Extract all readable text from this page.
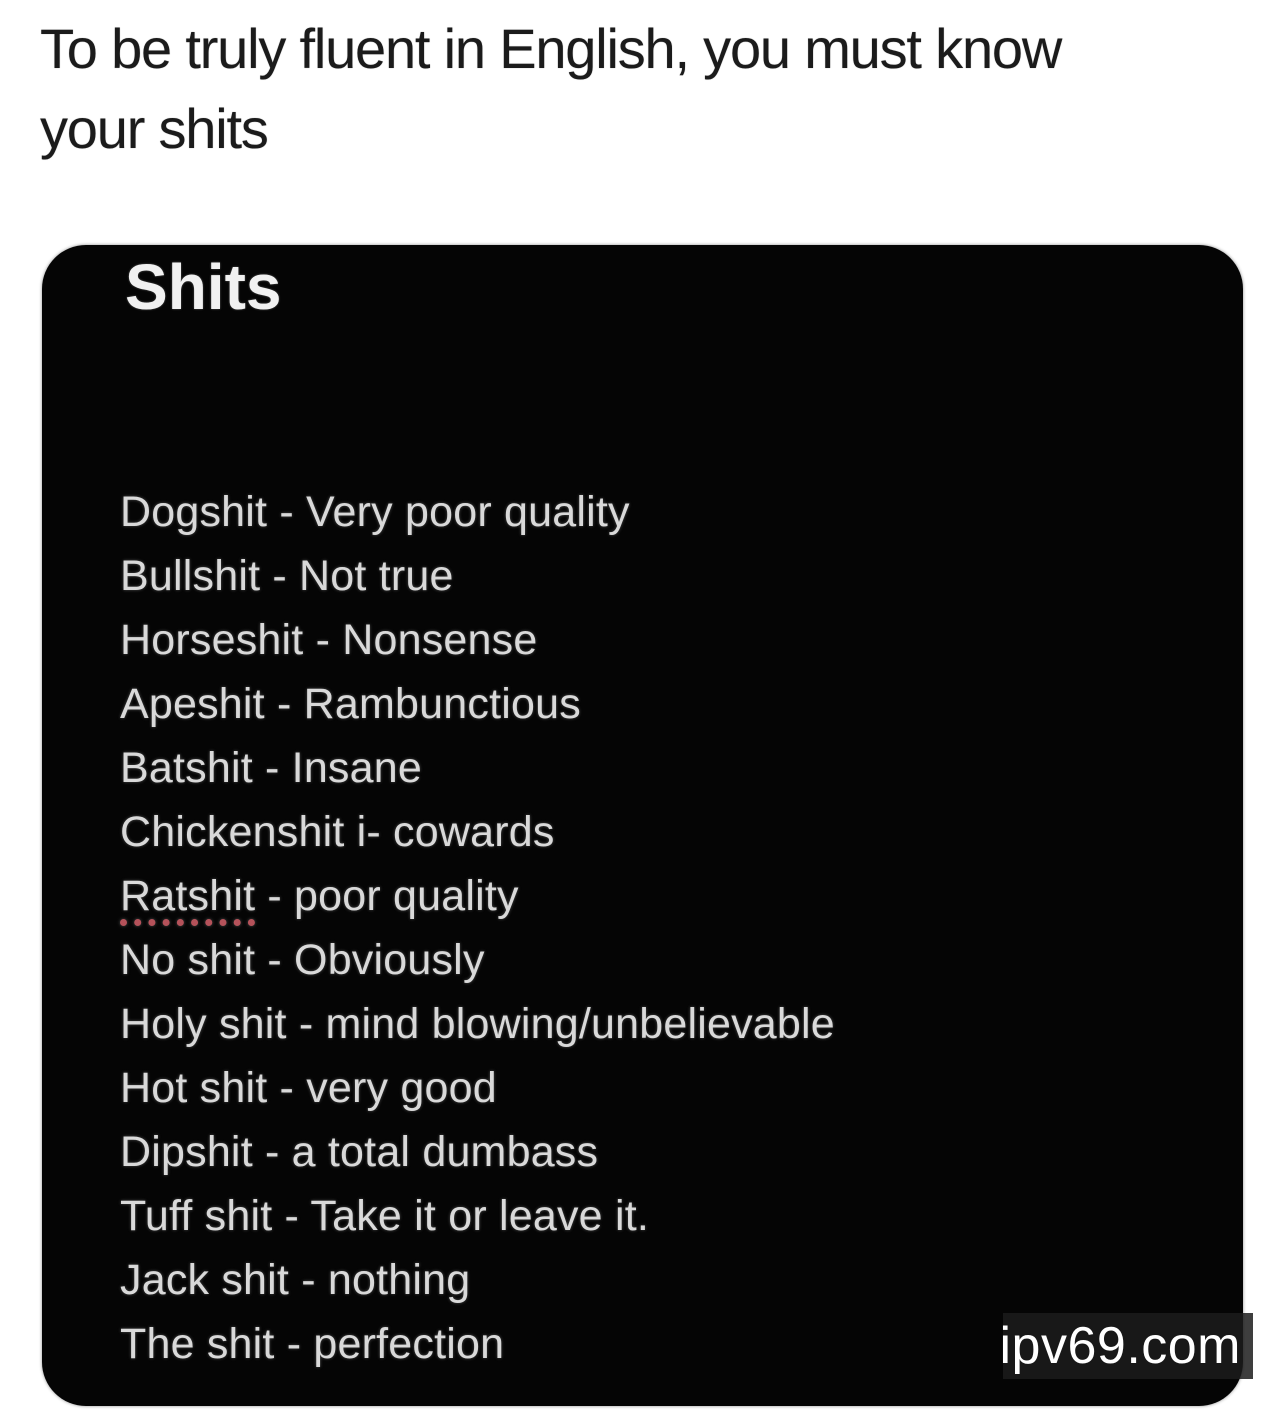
To be truly fluent in English, you must know
your shits
Shits
Dogshit - Very poor quality
Bullshit - Not true
Horseshit - Nonsense
Apeshit - Rambunctious
Batshit - Insane
Chickenshit i- cowards
Ratshit - poor quality
No shit - Obviously
Holy shit - mind blowing/unbelievable
Hot shit - very good
Dipshit - a total dumbass
Tuff shit - Take it or leave it.
Jack shit - nothing
The shit - perfection	ipv69.com
